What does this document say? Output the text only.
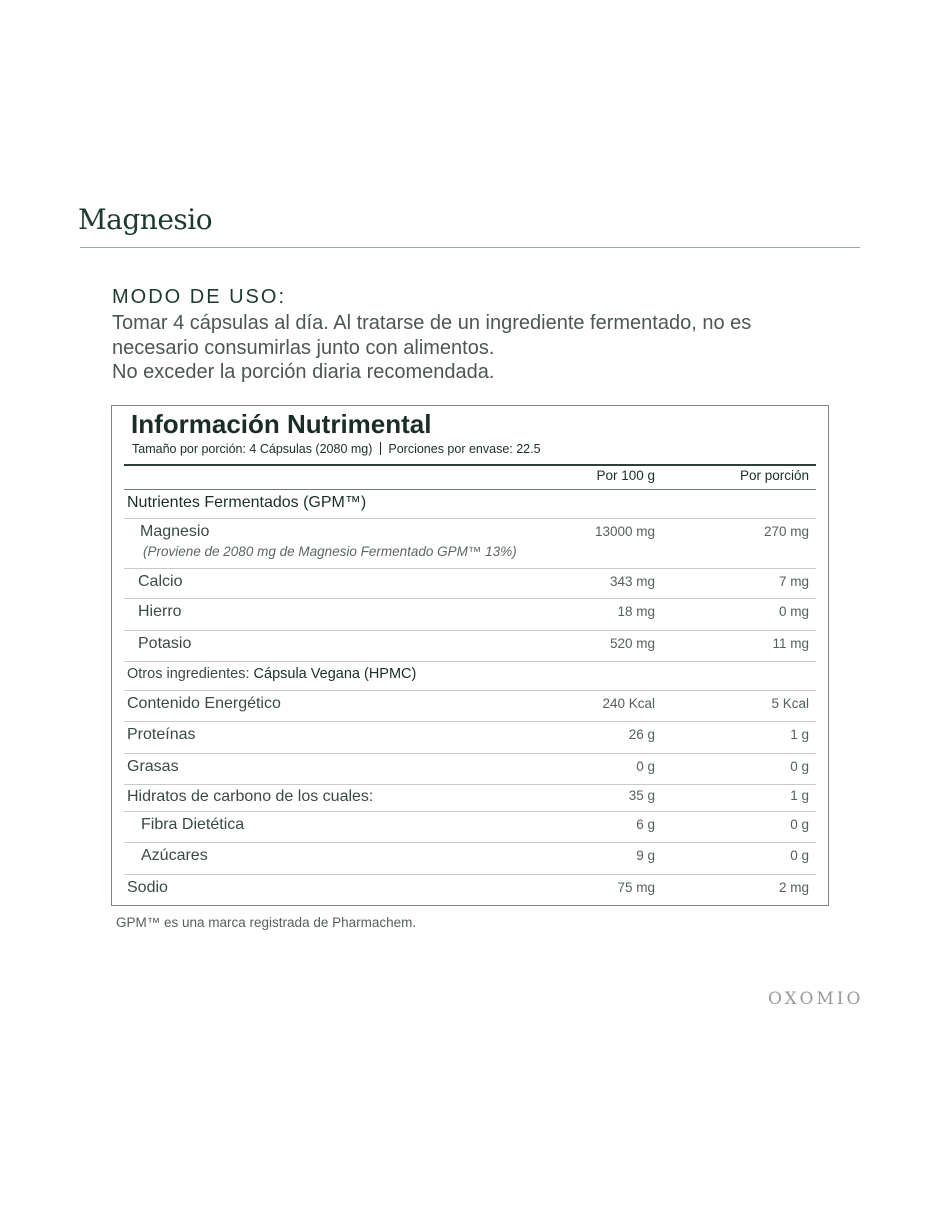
Magnesio
MODO DE USO:
Tomar 4 cápsulas al día. Al tratarse de un ingrediente fermentado, no es
necesario consumirlas junto con alimentos.
No exceder la porción diaria recomendada.
Información Nutrimental
Tamaño por porción: 4 Cápsulas (2080 mg) Porciones por envase: 22.5
Por 100 g	Por porción
Nutrientes Fermentados (GPM™)
Magnesio
(Proviene de 2080 mg de Magnesio Fermentado GPM™ 13%)
13000 mg	270 mg
Calcio	343 mg	7 mg
Hierro	18 mg	0 mg
Potasio	520 mg	11 mg
Otros ingredientes: Cápsula Vegana (HPMC)
Contenido Energético	240 Kcal	5 Kcal
Proteínas	26 g	1 g
Grasas	0 g	0 g
Hidratos de carbono de los cuales:	35 g	1 g
Fibra Dietética	6 g	0 g
Azúcares	9 g	0 g
Sodio	75 mg	2 mg
GPM™ es una marca registrada de Pharmachem.
OXOMIO
